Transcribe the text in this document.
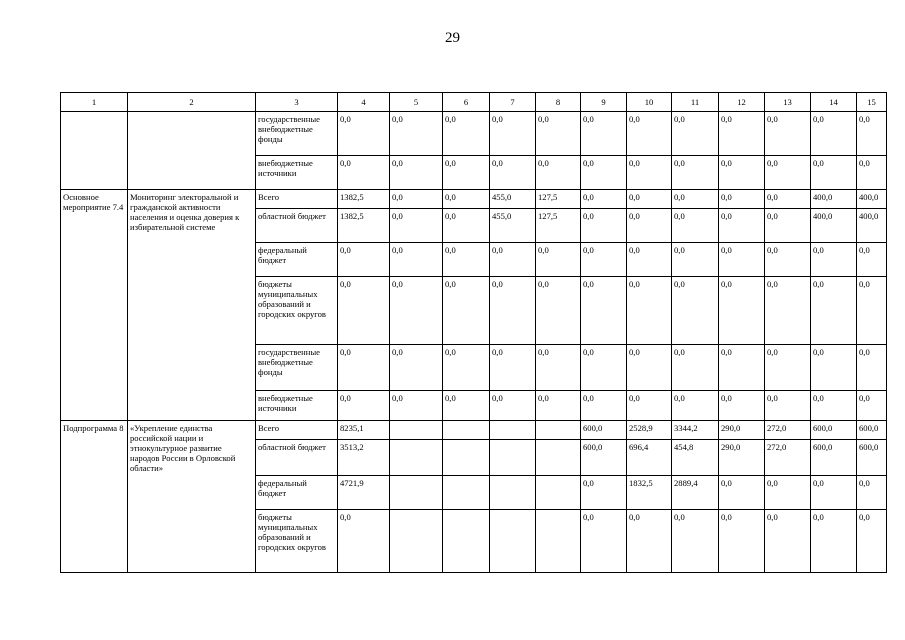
29
1	2	3	4	5	6	7	8	9	10	11	12	13	14	15
		государственные внебюджетные фонды	0,0	0,0	0,0	0,0	0,0	0,0	0,0	0,0	0,0	0,0	0,0	0,0
		внебюджетные источники	0,0	0,0	0,0	0,0	0,0	0,0	0,0	0,0	0,0	0,0	0,0	0,0
Основное мероприятие 7.4	Мониторинг электоральной и гражданской активности населения и оценка доверия к избирательной системе	Всего	1382,5	0,0	0,0	455,0	127,5	0,0	0,0	0,0	0,0	0,0	400,0	400,0
		областной бюджет	1382,5	0,0	0,0	455,0	127,5	0,0	0,0	0,0	0,0	0,0	400,0	400,0
		федеральный бюджет	0,0	0,0	0,0	0,0	0,0	0,0	0,0	0,0	0,0	0,0	0,0	0,0
		бюджеты муниципальных образований и городских округов	0,0	0,0	0,0	0,0	0,0	0,0	0,0	0,0	0,0	0,0	0,0	0,0
		государственные внебюджетные фонды	0,0	0,0	0,0	0,0	0,0	0,0	0,0	0,0	0,0	0,0	0,0	0,0
		внебюджетные источники	0,0	0,0	0,0	0,0	0,0	0,0	0,0	0,0	0,0	0,0	0,0	0,0
Подпрограмма 8	«Укрепление единства российской нации и этнокультурное развитие народов России в Орловской области»	Всего	8235,1					600,0	2528,9	3344,2	290,0	272,0	600,0	600,0
		областной бюджет	3513,2					600,0	696,4	454,8	290,0	272,0	600,0	600,0
		федеральный бюджет	4721,9					0,0	1832,5	2889,4	0,0	0,0	0,0	0,0
		бюджеты муниципальных образований и городских округов	0,0					0,0	0,0	0,0	0,0	0,0	0,0	0,0
